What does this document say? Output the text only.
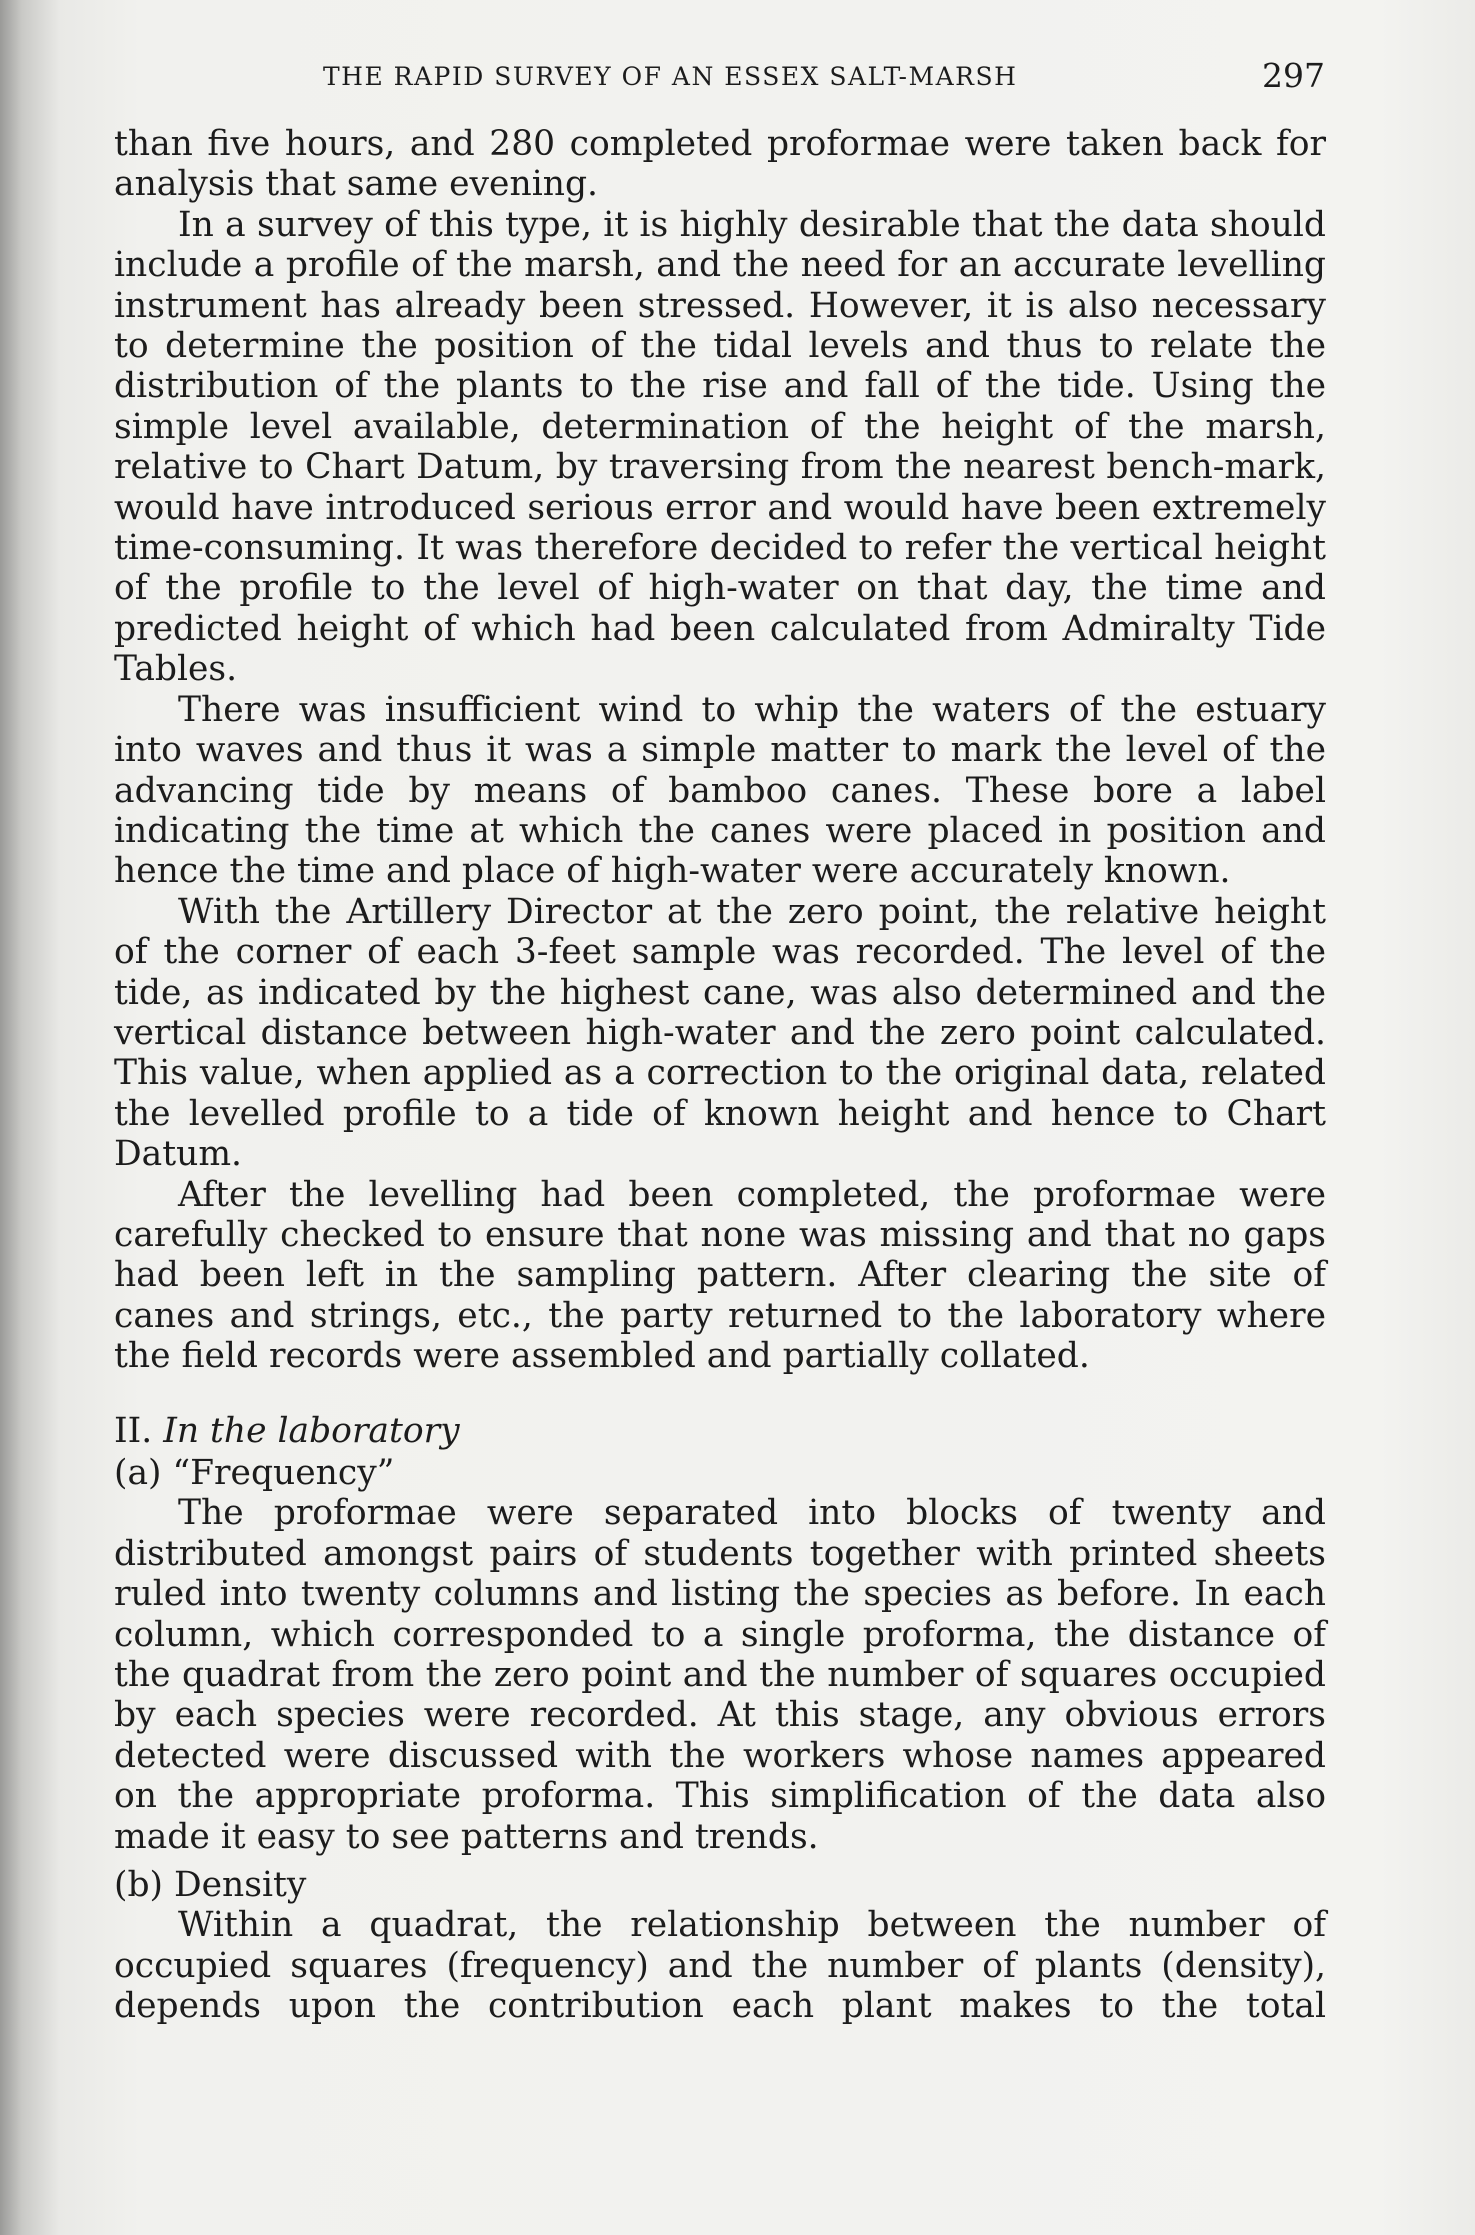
THE RAPID SURVEY OF AN ESSEX SALT-MARSH	297

than five hours, and 280 completed proformae were taken back for analysis that same evening.

In a survey of this type, it is highly desirable that the data should include a profile of the marsh, and the need for an accurate levelling instrument has already been stressed. However, it is also necessary to determine the position of the tidal levels and thus to relate the distribution of the plants to the rise and fall of the tide. Using the simple level available, determination of the height of the marsh, relative to Chart Datum, by traversing from the nearest bench-mark, would have introduced serious error and would have been extremely time-consuming. It was therefore decided to refer the vertical height of the profile to the level of high-water on that day, the time and predicted height of which had been calculated from Admiralty Tide Tables.

There was insufficient wind to whip the waters of the estuary into waves and thus it was a simple matter to mark the level of the advancing tide by means of bamboo canes. These bore a label indicating the time at which the canes were placed in position and hence the time and place of high-water were accurately known.

With the Artillery Director at the zero point, the relative height of the corner of each 3-feet sample was recorded. The level of the tide, as indicated by the highest cane, was also determined and the vertical distance between high-water and the zero point calculated. This value, when applied as a correction to the original data, related the levelled profile to a tide of known height and hence to Chart Datum.

After the levelling had been completed, the proformae were carefully checked to ensure that none was missing and that no gaps had been left in the sampling pattern. After clearing the site of canes and strings, etc., the party returned to the laboratory where the field records were assembled and partially collated.

II. In the laboratory

(a) “Frequency”

The proformae were separated into blocks of twenty and distributed amongst pairs of students together with printed sheets ruled into twenty columns and listing the species as before. In each column, which corresponded to a single proforma, the distance of the quadrat from the zero point and the number of squares occupied by each species were recorded. At this stage, any obvious errors detected were discussed with the workers whose names appeared on the appropriate proforma. This simplification of the data also made it easy to see patterns and trends.

(b) Density

Within a quadrat, the relationship between the number of occupied squares (frequency) and the number of plants (density), depends upon the contribution each plant makes to the total
